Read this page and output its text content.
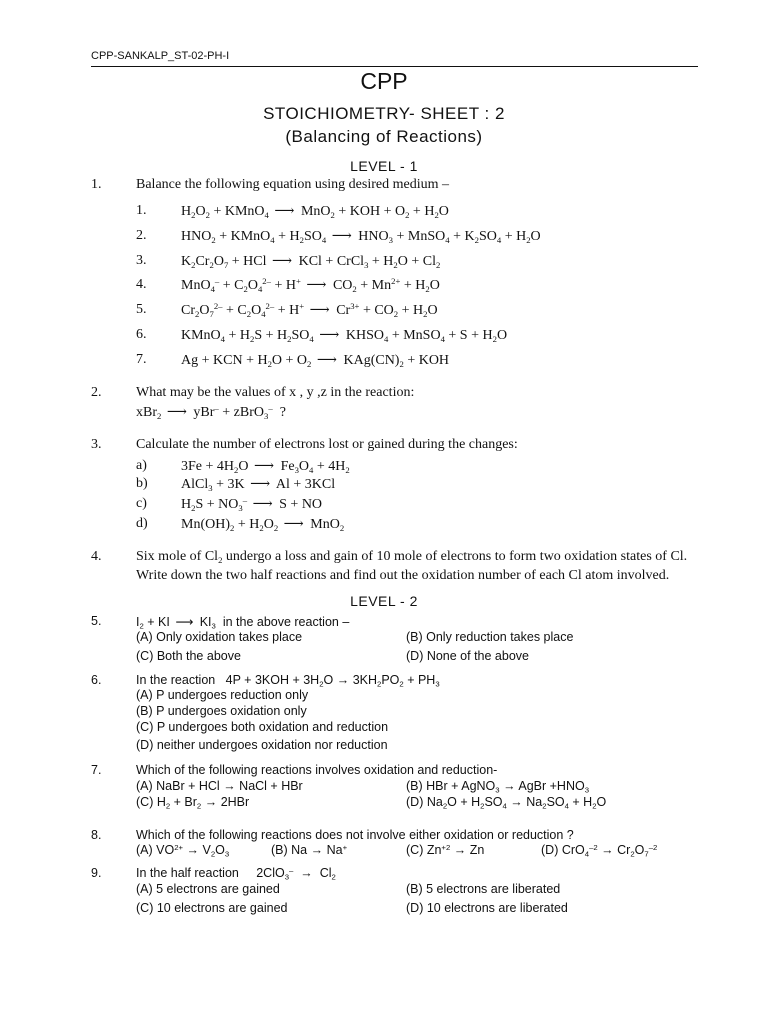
CPP-SANKALP_ST-02-PH-I
CPP
STOICHIOMETRY- SHEET : 2
(Balancing of Reactions)
LEVEL - 1
1. Balance the following equation using desired medium –
1. $H_2O_2$ + KMnO$_4$ ⟶ MnO$_2$ + KOH + $O_2 + H_2O$
2. $HNO_2$ + KMnO$_4$ + $H_2SO_4$ ⟶ $HNO_3$ + MnSO$_4$ + $K_2SO_4 + H_2O$
3. $K_2Cr_2O_7$ + HCl ⟶ KCl + CrCl$_3$ + $H_2O + Cl_2$
4. $MnO_4^- + C_2O_4^{2-} + H^+$ ⟶ $CO_2 + Mn^{2+} + H_2O$
5. $Cr_2O_7^{2-} + C_2O_4^{2-} + H^+$ ⟶ $Cr^{3+} + CO_2 + H_2O$
6. KMnO$_4$ + $H_2S + H_2SO_4$ ⟶ $KHSO_4$ + MnSO$_4$ + $S + H_2O$
7. Ag + KCN + $H_2O + O_2$ ⟶ $KAg(CN)_2$ + KOH
2. What may be the values of x , y ,z in the reaction:
xBr$_2$ ⟶ yBr– + zBrO$_3$–  ?
3. Calculate the number of electrons lost or gained during the changes:
a) $3Fe + 4H_2O$ ⟶ $Fe_3O_4 + 4H_2$
b) AlCl$_3$ + 3K ⟶ Al + 3KCl
c) $H_2S + NO_3^-$ ⟶ S + NO
d) $Mn(OH)_2 + H_2O_2$ ⟶ MnO$_2$
4. Six mole of $Cl_2$ undergo a loss and gain of 10 mole of electrons to form two oxidation states of Cl.
Write down the two half reactions and find out the oxidation number of each Cl atom involved.
LEVEL - 2
5.	$I_2$ + KI ⟶ $KI_3$ in the above reaction –
(A) Only oxidation takes place	(B) Only reduction takes place
(C) Both the above	(D) None of the above
6.	In the reaction   $4P + 3KOH + 3H_2O \to 3KH_2PO_2 + PH_3$
(A) P undergoes reduction only
(B) P undergoes oxidation only
(C) P undergoes both oxidation and reduction
(D) neither undergoes oxidation nor reduction
7.	Which of the following reactions involves oxidation and reduction-
(A) NaBr + HCl → NaCl + HBr	(B) HBr + AgNO$_3$ → AgBr $+HNO_3$
(C) $H_2 + Br_2 \to 2HBr$	(D) $Na_2O + H_2SO_4 \to Na_2SO_4 + H_2O$
8.	Which of the following reactions does not involve either oxidation or reduction ?
(A) $VO^{2+} \to V_2O_3$	(B) Na → Na+	(C) $Zn^{+2} \to Zn$	(D) $CrO_4^{-2} \to Cr_2O_7^{-2}$
9.	In the half reaction     $2ClO_3^- \to Cl_2$
(A) 5 electrons are gained	(B) 5 electrons are liberated
(C) 10 electrons are gained	(D) 10 electrons are liberated
